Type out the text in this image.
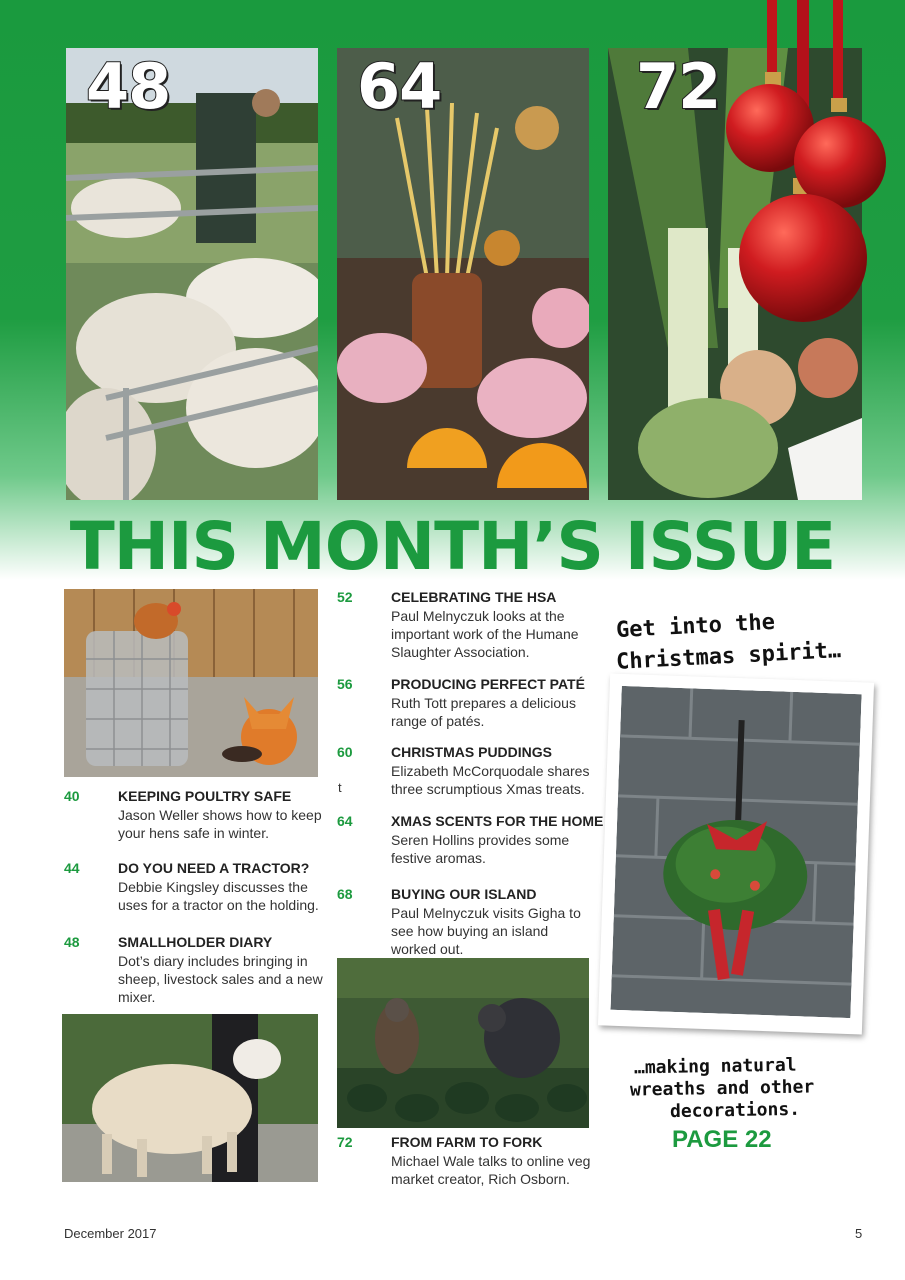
48	64	72
THIS MONTH’S ISSUE
Get into the
Christmas spirit…
…making natural
wreaths and other
decorations.
PAGE 22
40	KEEPING POULTRY SAFE
Jason Weller shows how to keep your hens safe in winter.
44	DO YOU NEED A TRACTOR?
Debbie Kingsley discusses the uses for a tractor on the holding.
48	SMALLHOLDER DIARY
Dot’s diary includes bringing in sheep, livestock sales and a new mixer.
52	CELEBRATING THE HSA
Paul Melnyczuk looks at the important work of the Humane Slaughter Association.
56	PRODUCING PERFECT PATÉ
Ruth Tott prepares a delicious range of patés.
60	CHRISTMAS PUDDINGS
Elizabeth McCorquodale shares three scrumptious Xmas treats.
t
64	XMAS SCENTS FOR THE HOME
Seren Hollins provides some festive aromas.
68	BUYING OUR ISLAND
Paul Melnyczuk visits Gigha to see how buying an island worked out.
72	FROM FARM TO FORK
Michael Wale talks to online veg market creator, Rich Osborn.
December 2017	5
